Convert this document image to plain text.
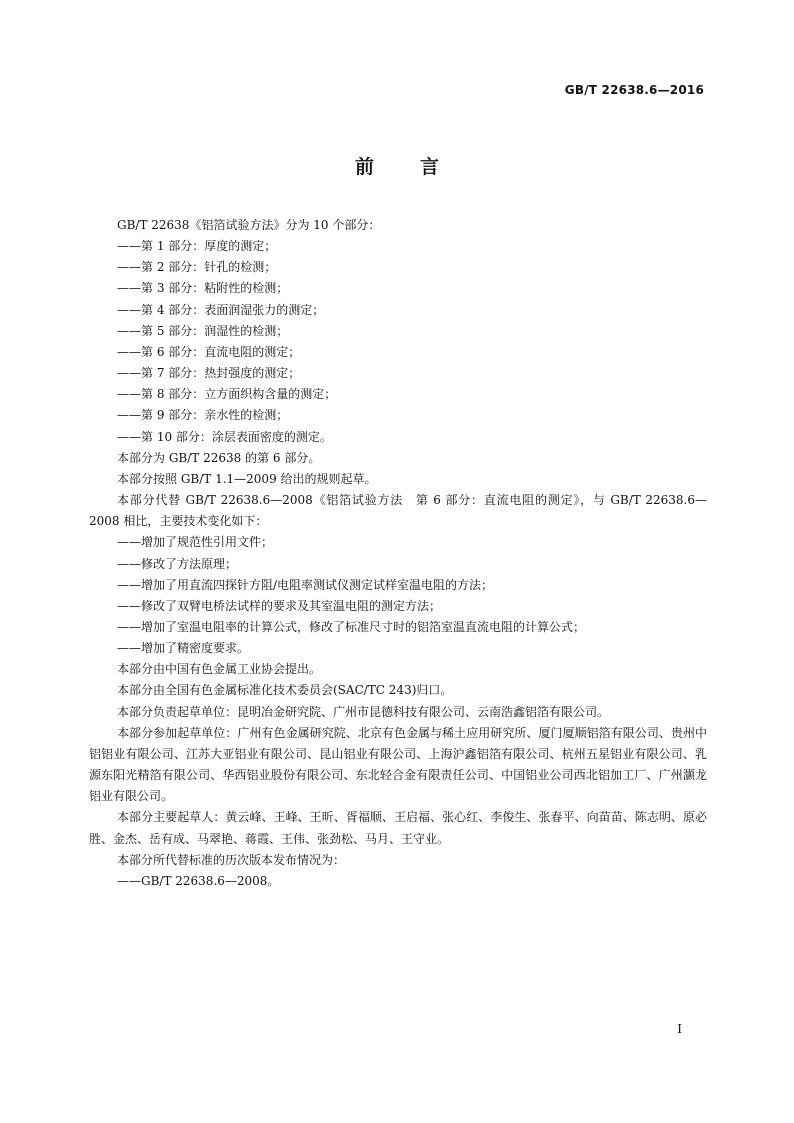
GB/T 22638.6—2016
前言

GB/T 22638《铝箔试验方法》分为 10 个部分：

——第 1 部分：厚度的测定；

——第 2 部分：针孔的检测；

——第 3 部分：粘附性的检测；

——第 4 部分：表面润湿张力的测定；

——第 5 部分：润湿性的检测；

——第 6 部分：直流电阻的测定；

——第 7 部分：热封强度的测定；

——第 8 部分：立方面织构含量的测定；

——第 9 部分：亲水性的检测；

——第 10 部分：涂层表面密度的测定。

本部分为 GB/T 22638 的第 6 部分。

本部分按照 GB/T 1.1—2009 给出的规则起草。

本部分代替 GB/T 22638.6—2008《铝箔试验方法　第 6 部分：直流电阻的测定》，与 GB/T 22638.6—2008 相比，主要技术变化如下：

——增加了规范性引用文件；

——修改了方法原理；

——增加了用直流四探针方阻/电阻率测试仪测定试样室温电阻的方法；

——修改了双臂电桥法试样的要求及其室温电阻的测定方法；

——增加了室温电阻率的计算公式，修改了标准尺寸时的铝箔室温直流电阻的计算公式；

——增加了精密度要求。

本部分由中国有色金属工业协会提出。

本部分由全国有色金属标准化技术委员会(SAC/TC 243)归口。

本部分负责起草单位：昆明冶金研究院、广州市昆德科技有限公司、云南浩鑫铝箔有限公司。

本部分参加起草单位：广州有色金属研究院、北京有色金属与稀土应用研究所、厦门厦顺铝箔有限公司、贵州中铝铝业有限公司、江苏大亚铝业有限公司、昆山铝业有限公司、上海沪鑫铝箔有限公司、杭州五星铝业有限公司、乳源东阳光精箔有限公司、华西铝业股份有限公司、东北轻合金有限责任公司、中国铝业公司西北铝加工厂、广州灏龙铝业有限公司。

本部分主要起草人：黄云峰、王峰、王昕、胥福顺、王启福、张心红、李俊生、张春平、向苗苗、陈志明、原必胜、金杰、岳有成、马翠艳、蒋霞、王伟、张劲松、马月、王守业。

本部分所代替标准的历次版本发布情况为：

——GB/T 22638.6—2008。

I
